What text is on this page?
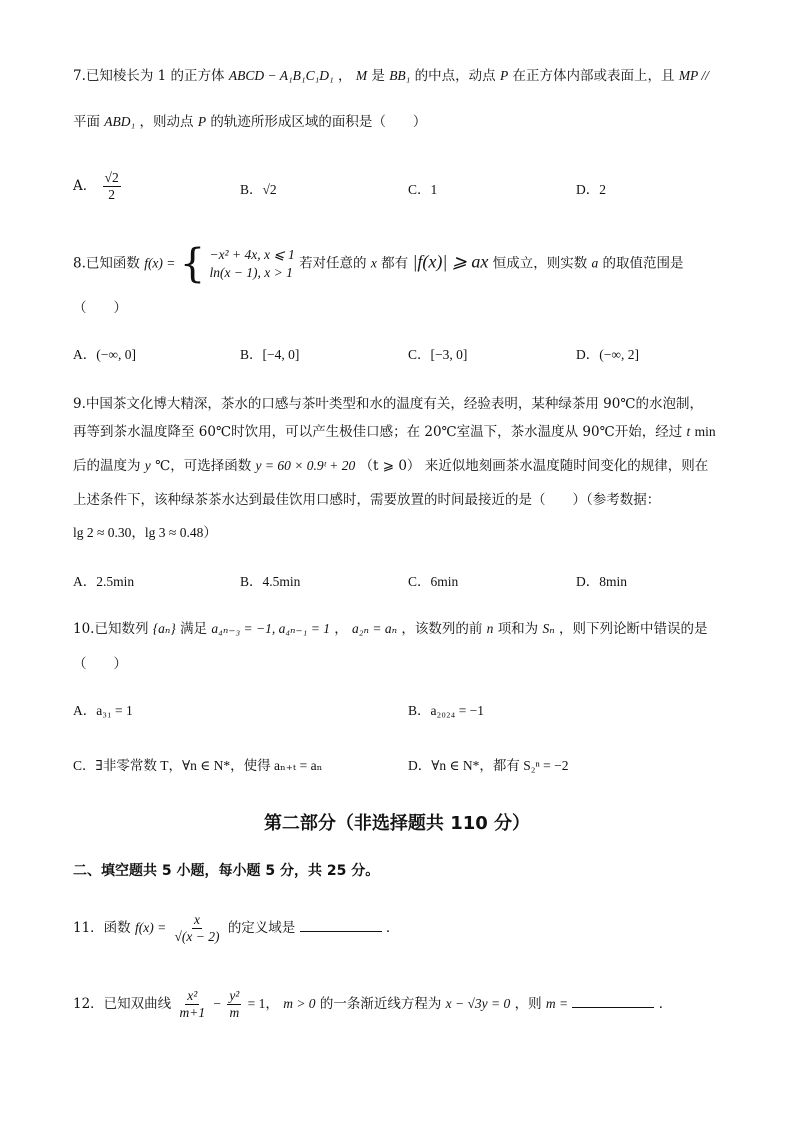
7.已知棱长为 1 的正方体 ABCD − A₁B₁C₁D₁ ， M 是 BB₁ 的中点，动点 P 在正方体内部或表面上，且 MP //
平面 ABD₁ ，则动点 P 的轨迹所形成区域的面积是（　　）
A． $\frac{√2}{2}$	B．√2	C．1	D．2
8.已知函数 f(x) = { −x² + 4x, x ⩽ 1
ln(x − 1), x > 1
若对任意的 x 都有 |f(x)| ⩾ ax 恒成立，则实数 a 的取值范围是
（　　）
A．(−∞, 0]	B．[−4, 0]	C．[−3, 0]	D．(−∞, 2]
9.中国茶文化博大精深，茶水的口感与茶叶类型和水的温度有关，经验表明，某种绿茶用 90℃的水泡制，
再等到茶水温度降至 60℃时饮用，可以产生极佳口感；在 20℃室温下，茶水温度从 90℃开始，经过 t min
后的温度为 y ℃，可选择函数 y = 60 × 0.9ᵗ + 20 （t ⩾ 0） 来近似地刻画茶水温度随时间变化的规律，则在
上述条件下，该种绿茶茶水达到最佳饮用口感时，需要放置的时间最接近的是（　　）（参考数据：
lg 2 ≈ 0.30，lg 3 ≈ 0.48）
A．2.5min	B．4.5min	C．6min	D．8min
10.已知数列 {aₙ} 满足 a₄ₙ₋₃ = −1, a₄ₙ₋₁ = 1 ， a₂ₙ = aₙ ，该数列的前 n 项和为 Sₙ ，则下列论断中错误的是
（　　）
A．a₃₁ = 1	B．a₂₀₂₄ = −1
C．∃非零常数 T，∀n ∈ N*，使得 aₙ₊ₜ = aₙ	D．∀n ∈ N*，都有 S₂ⁿ = −2
第二部分（非选择题共 110 分）
二、填空题共 5 小题，每小题 5 分，共 25 分。
11．函数 $f(x) = \frac{x}{√(x - 2)}$ 的定义域是	．
12．已知双曲线 $\frac{\text{x²}}{m+1} - \frac{\text{y²}}{m} = 1$， m > 0 的一条渐近线方程为 x − √3y = 0 ，则 m =	．
